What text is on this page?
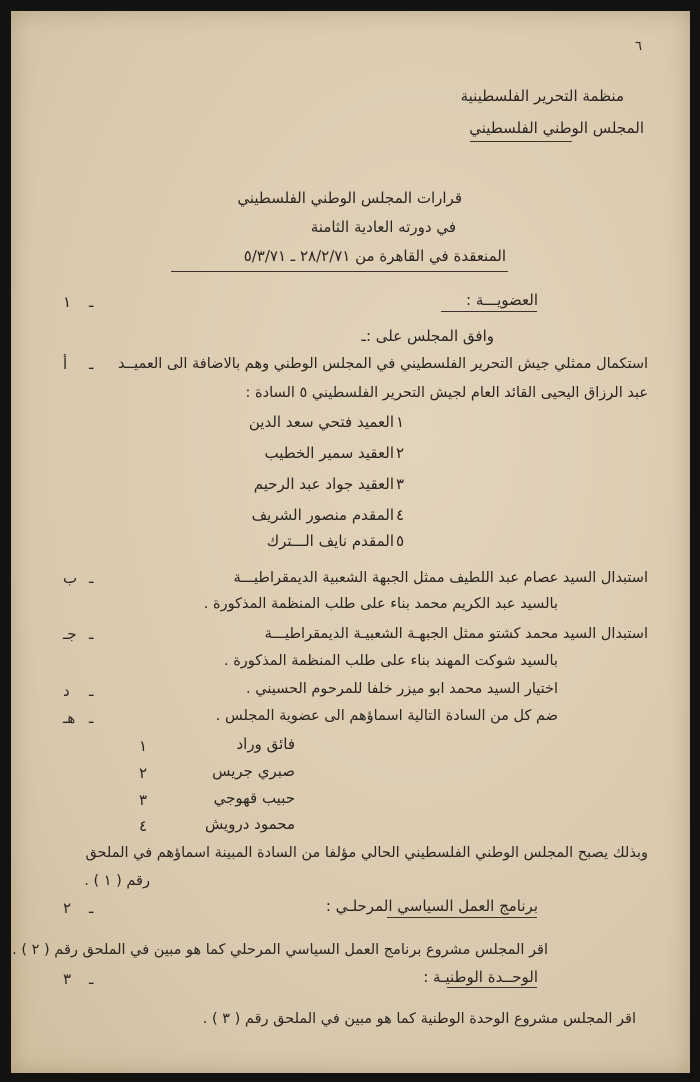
٦
منظمة التحرير الفلسطينية
المجلس الوطني الفلسطيني
قرارات المجلس الوطني الفلسطيني
في دورته العادية الثامنة
المنعقدة في القاهرة من ٢٨/٢/٧١ ـ ٥/٣/٧١
١ ـ	العضويـــة :
وافق المجلس على :ـ
أ ـ استكمال ممثلي جيش التحرير الفلسطيني في المجلس الوطني وهم بالاضافة الى العميــد
عبد الرزاق اليحيى القائد العام لجيش التحرير الفلسطيني ٥ السادة :
١
العميد فتحي سعد الدين
٢
العقيد سمير الخطيب
٣
العقيد جواد عبد الرحيم
٤
المقدم منصور الشريف
٥
المقدم نايف الـــترك
ب ـ	استبدال السيد عصام عبد اللطيف ممثل الجبهة الشعبية الديمقراطيـــة
بالسيد عبد الكريم محمد بناء على طلب المنظمة المذكورة .
جـ ـ	استبدال السيد محمد كشتو ممثل الجبهـة الشعبيـة الديمقراطيـــة
بالسيد شوكت المهند بناء على طلب المنظمة المذكورة .
د ـ	اختيار السيد محمد ابو ميزر خلفا للمرحوم الحسيني .
هـ ـ	ضم كل من السادة التالية اسماؤهم الى عضوية المجلس .
١	فائق وراد
٢	صبري جريس
٣	حبيب قهوجي
٤	محمود درويش
وبذلك يصبح المجلس الوطني الفلسطيني الحالي مؤلفا من السادة المبينة اسماؤهم في الملحق
رقم ( ١ ) .
٢ ـ	برنامج العمل السياسي المرحلـي :
اقر المجلس مشروع برنامج العمل السياسي المرحلي كما هو مبين في الملحق رقم ( ٢ ) .
٣ ـ	الوحــدة الوطنيـة :
اقر المجلس مشروع الوحدة الوطنية كما هو مبين في الملحق رقم ( ٣ ) .
